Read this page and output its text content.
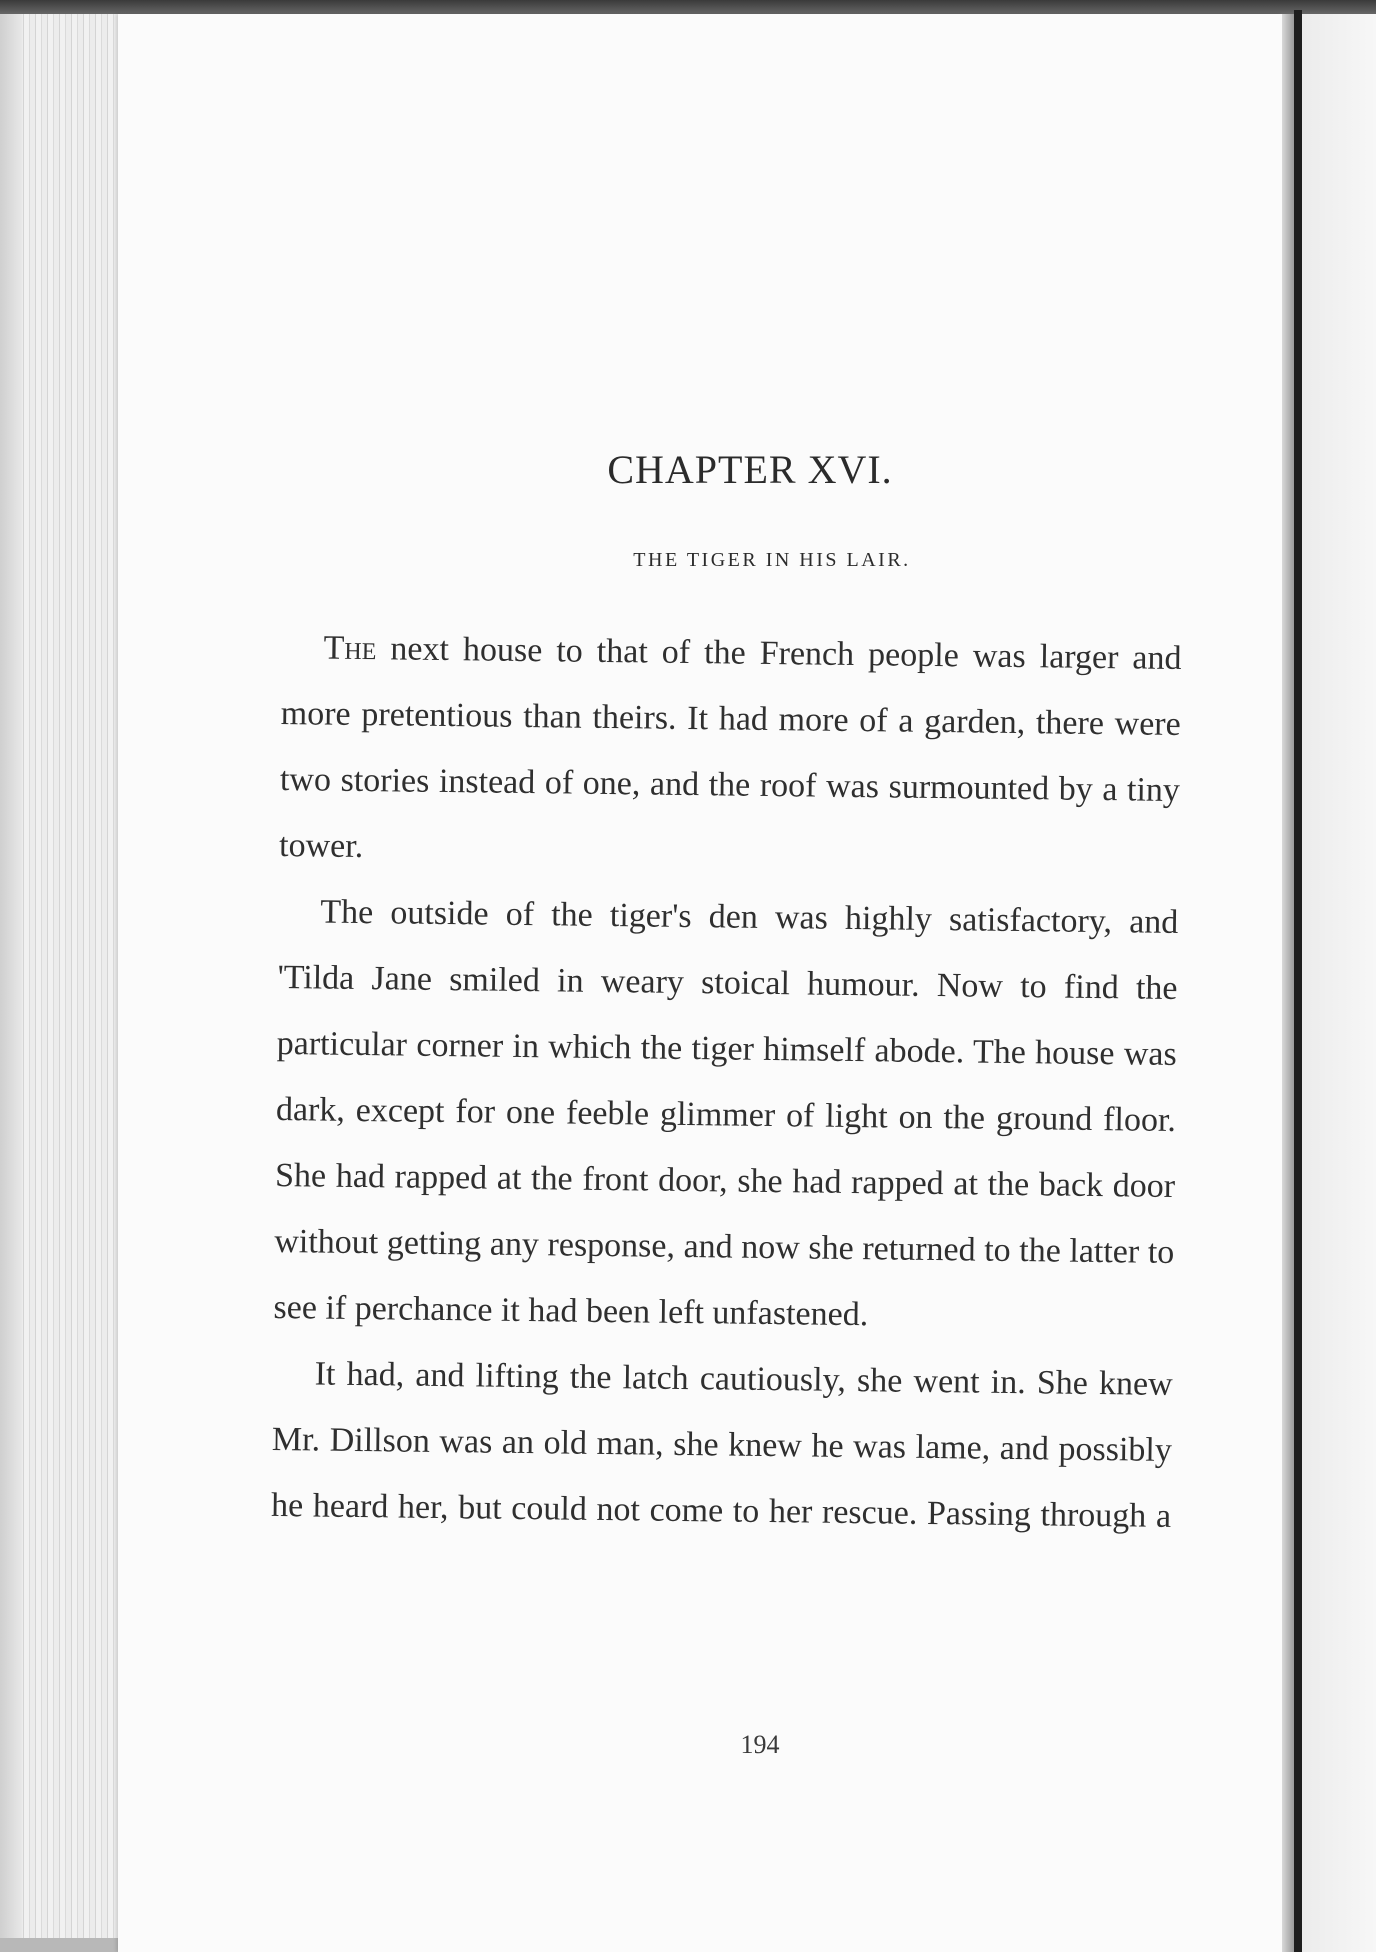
CHAPTER XVI.
THE TIGER IN HIS LAIR.

The next house to that of the French people was larger and more pretentious than theirs. It had more of a garden, there were two stories instead of one, and the roof was surmounted by a tiny tower.

The outside of the tiger's den was highly satisfactory, and 'Tilda Jane smiled in weary stoical humour. Now to find the particular corner in which the tiger himself abode. The house was dark, except for one feeble glimmer of light on the ground floor. She had rapped at the front door, she had rapped at the back door without getting any response, and now she returned to the latter to see if perchance it had been left unfastened.

It had, and lifting the latch cautiously, she went in. She knew Mr. Dillson was an old man, she knew he was lame, and possibly he heard her, but could not come to her rescue. Passing through a

194
